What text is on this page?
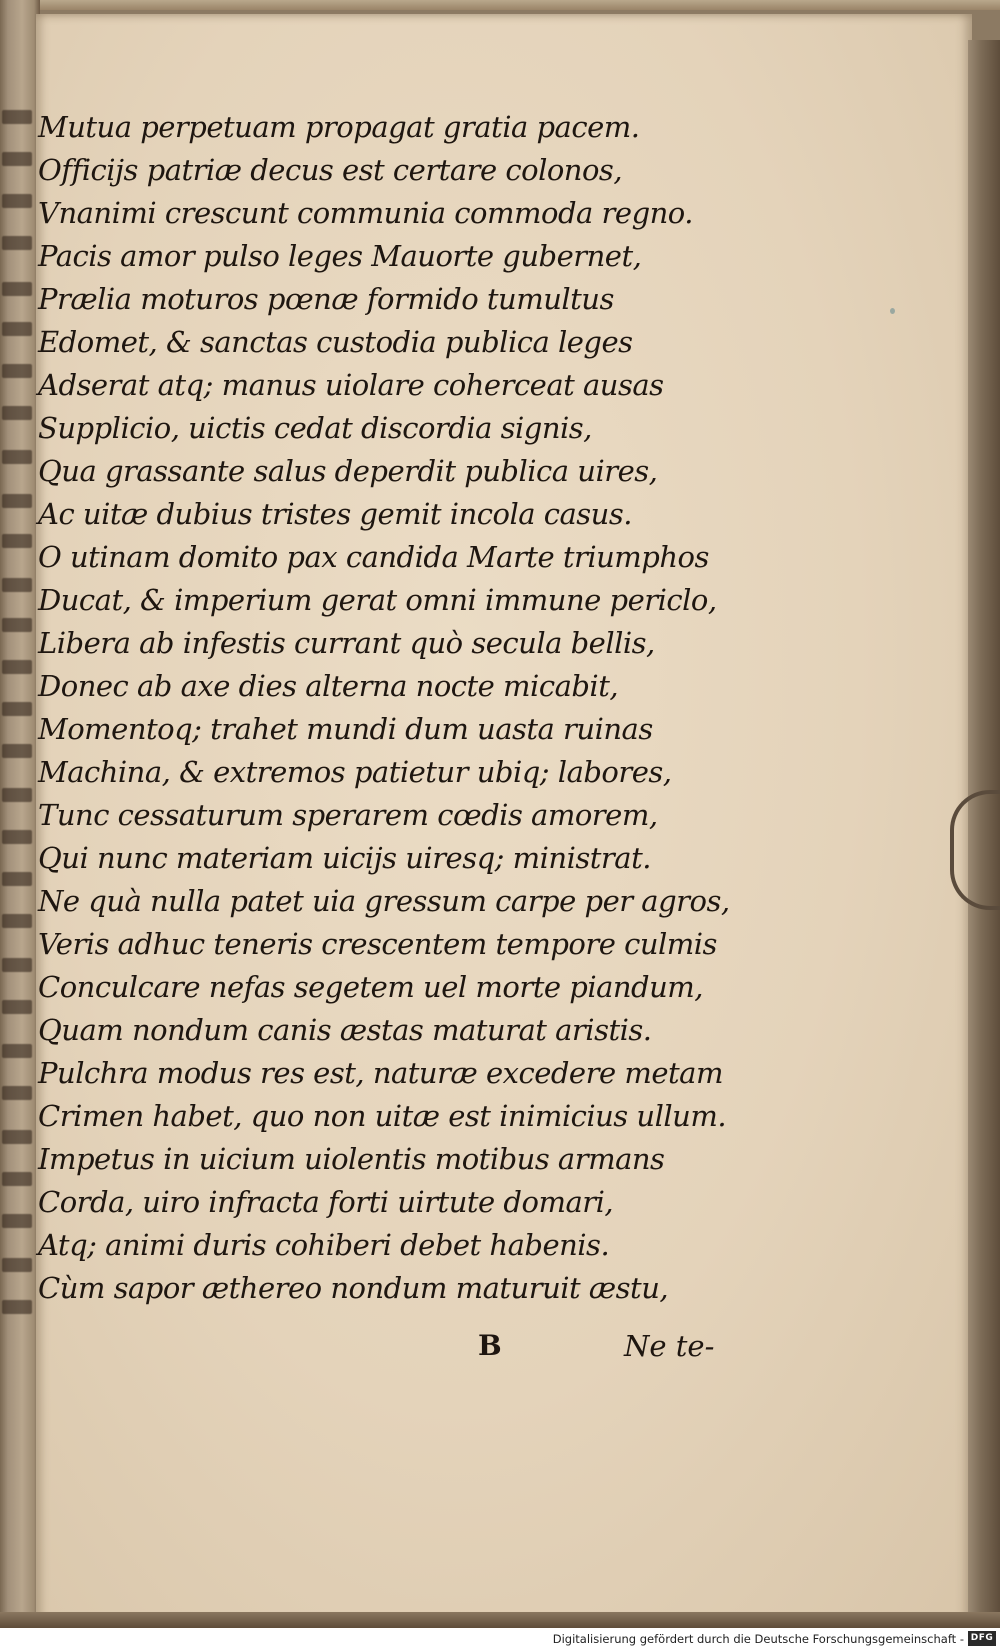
Mutua perpetuam propagat gratia pacem.
Officijs patriæ decus est certare colonos,
Vnanimi crescunt communia commoda regno.
Pacis amor pulso leges Mauorte gubernet,
Prælia moturos pœnæ formido tumultus
Edomet, & sanctas custodia publica leges
Adserat atq; manus uiolare coherceat ausas
Supplicio, uictis cedat discordia signis,
Qua grassante salus deperdit publica uires,
Ac uitæ dubius tristes gemit incola casus.
O utinam domito pax candida Marte triumphos
Ducat, & imperium gerat omni immune periclo,
Libera ab infestis currant quò secula bellis,
Donec ab axe dies alterna nocte micabit,
Momentoq; trahet mundi dum uasta ruinas
Machina, & extremos patietur ubiq; labores,
Tunc cessaturum sperarem cœdis amorem,
Qui nunc materiam uicijs uiresq; ministrat.
Ne quà nulla patet uia gressum carpe per agros,
Veris adhuc teneris crescentem tempore culmis
Conculcare nefas segetem uel morte piandum,
Quam nondum canis æstas maturat aristis.
Pulchra modus res est, naturæ excedere metam
Crimen habet, quo non uitæ est inimicius ullum.
Impetus in uicium uiolentis motibus armans
Corda, uiro infracta forti uirtute domari,
Atq; animi duris cohiberi debet habenis.
Cùm sapor æthereo nondum maturuit æstu,
B	Ne te-
Digitalisierung gefördert durch die Deutsche Forschungsgemeinschaft - DFG
